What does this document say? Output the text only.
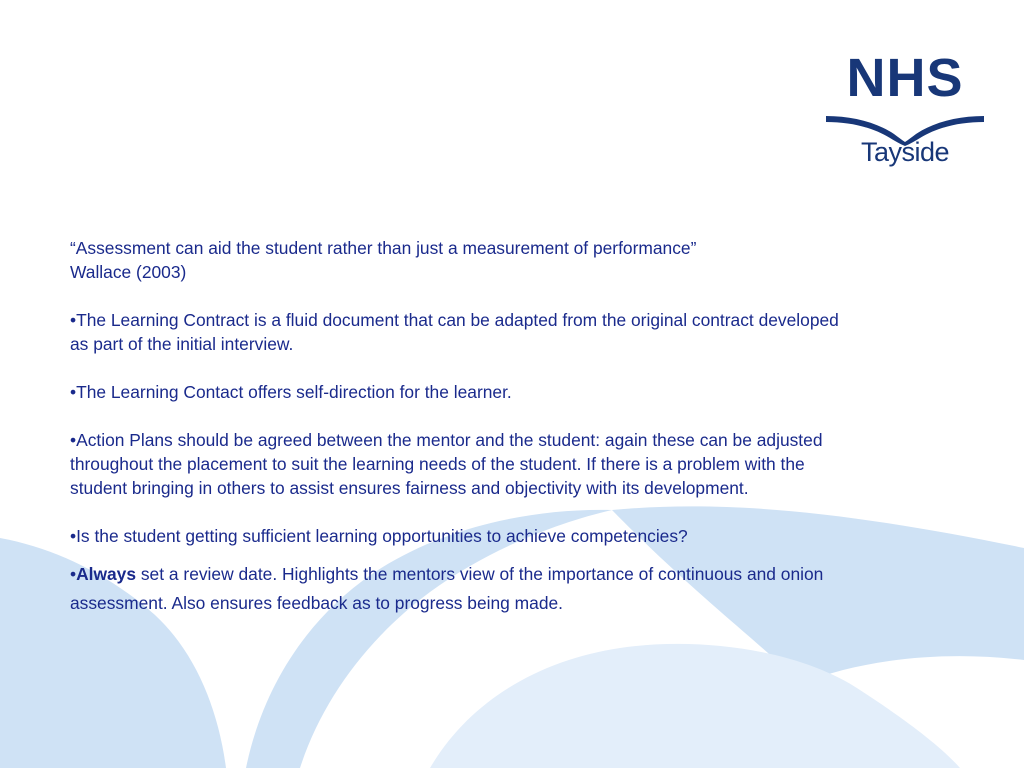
NHS
Tayside

“Assessment can aid the student rather than just a measurement of performance”

Wallace (2003)

•The Learning Contract is a fluid document that can be adapted from the original contract developed as part of the initial interview.

•The Learning Contact offers self-direction for the learner.

•Action Plans should be agreed between the mentor and the student: again these can be adjusted throughout the placement to suit the learning needs of the student. If there is a problem with the student bringing in others to assist ensures fairness and objectivity with its development.

•Is the student getting sufficient learning opportunities to achieve competencies?

•Always set a review date. Highlights the mentors view of the importance of continuous and onion assessment. Also ensures feedback as to progress being made.
